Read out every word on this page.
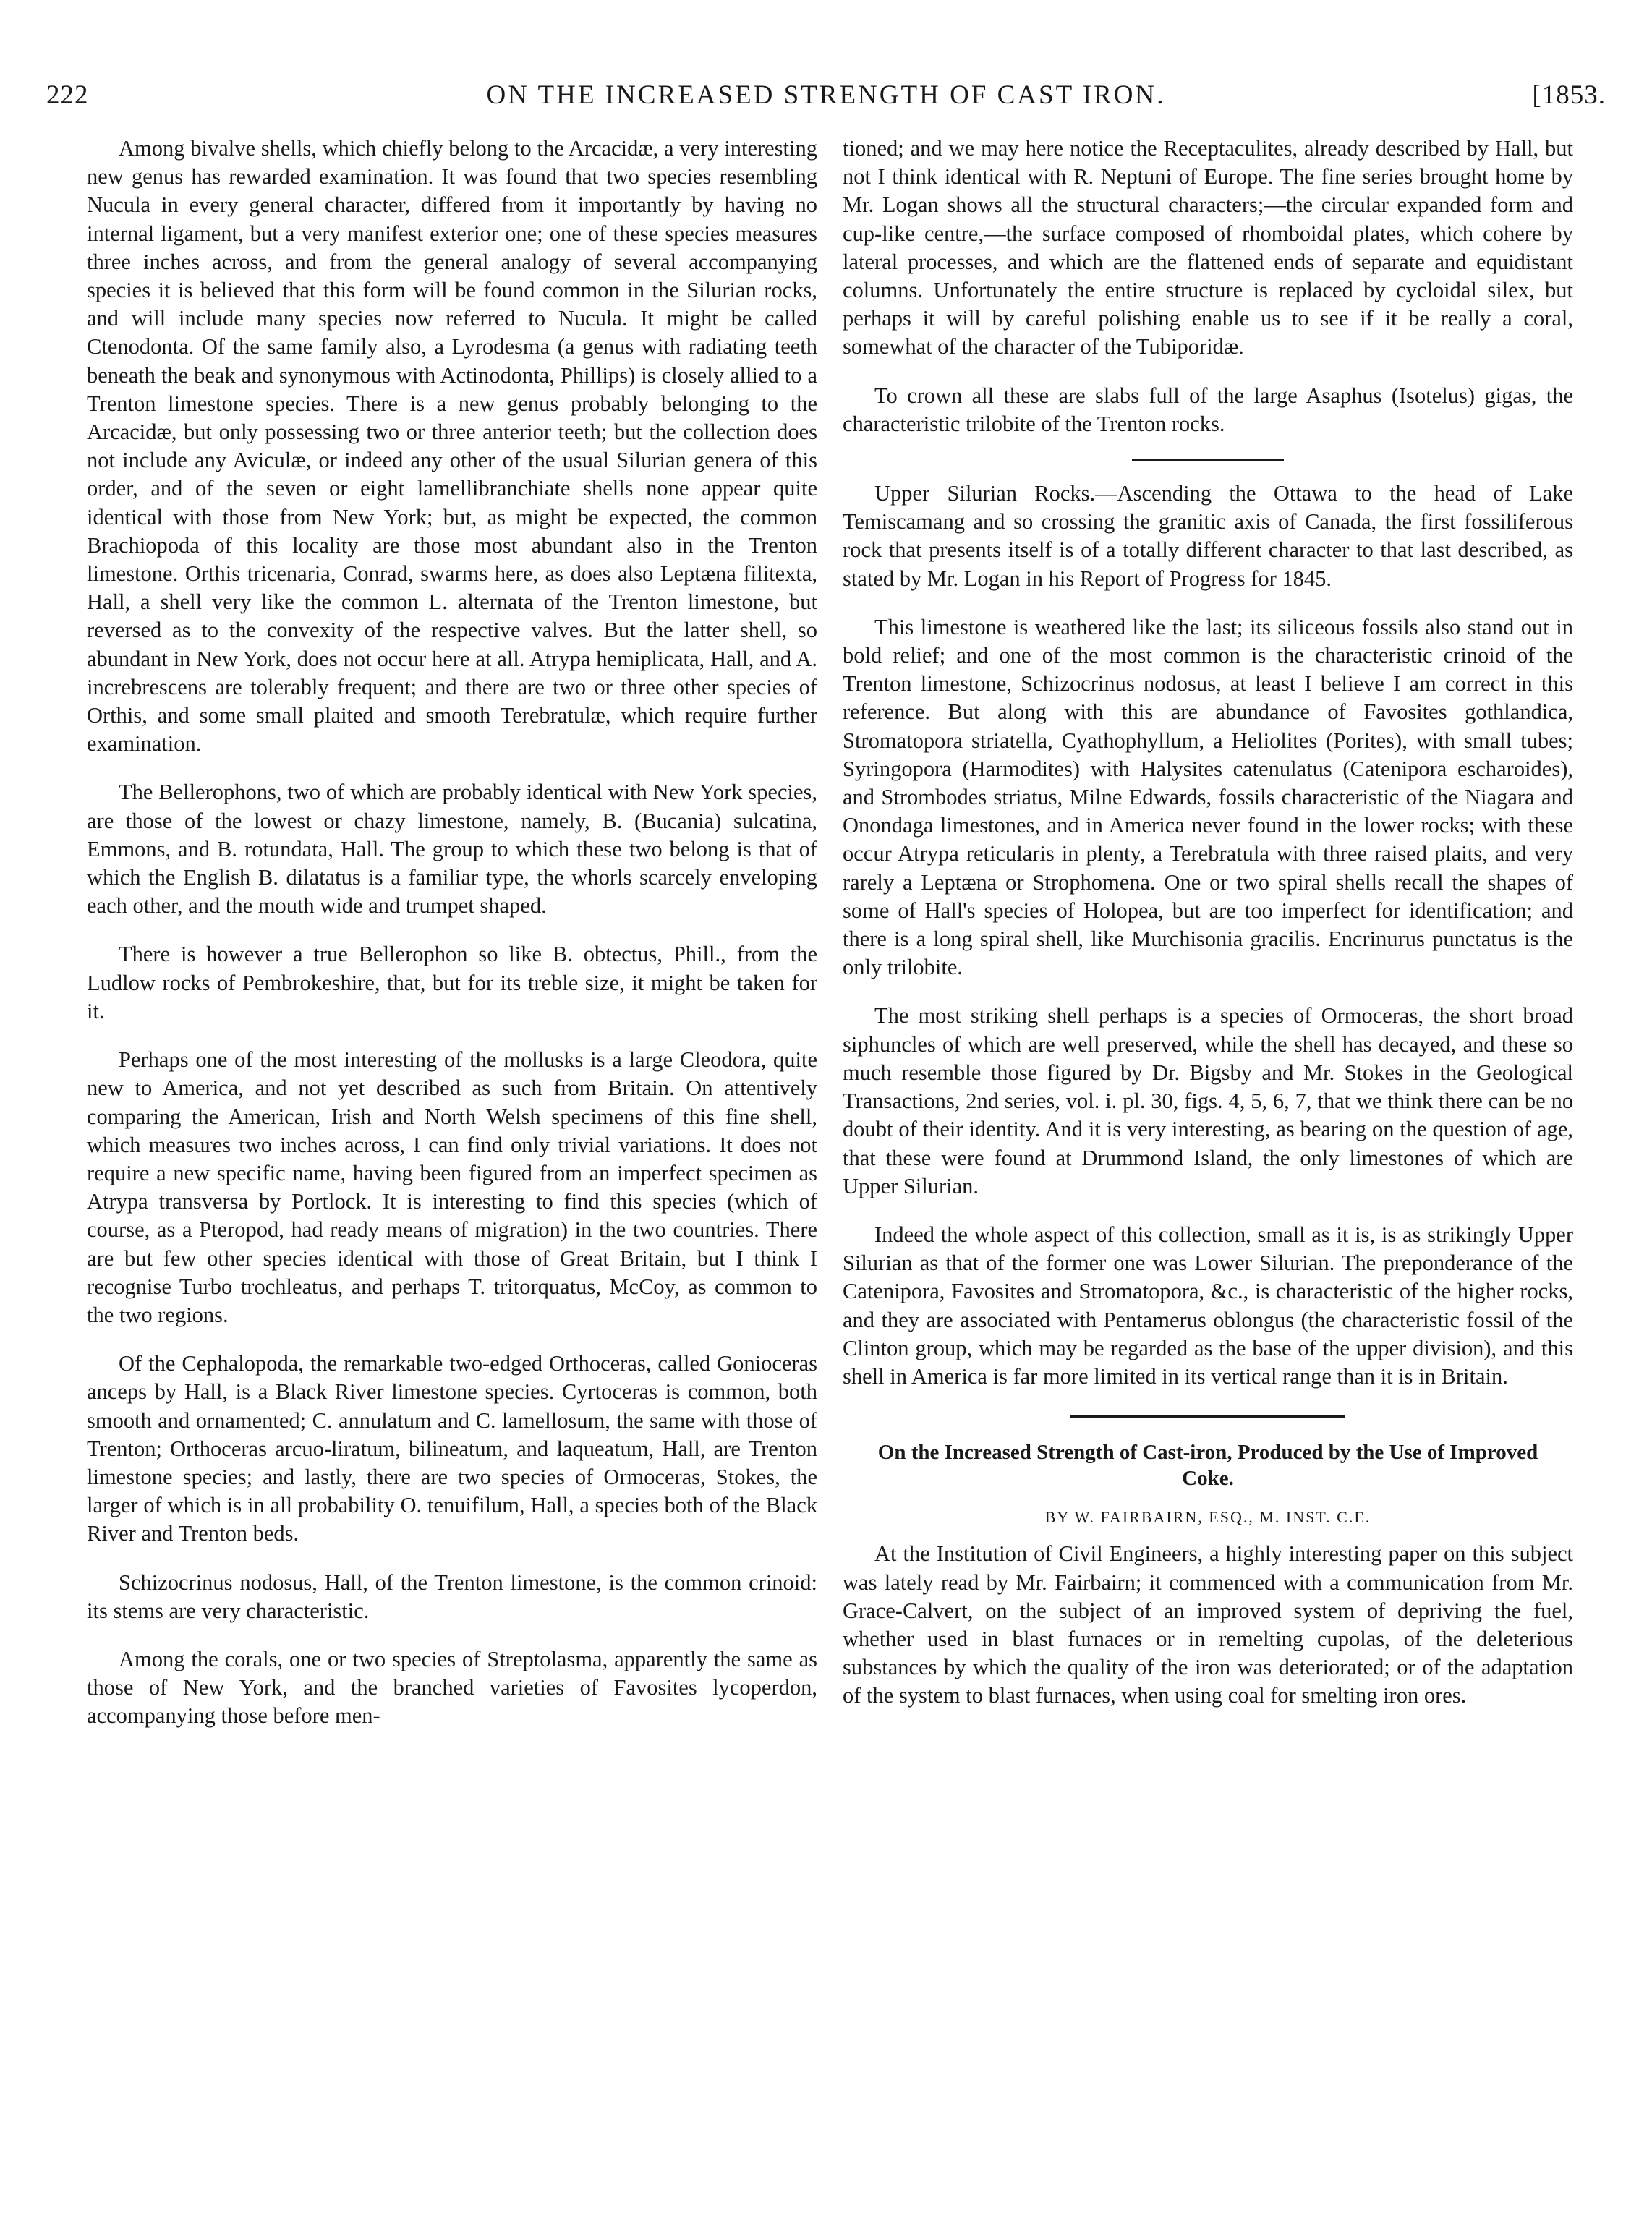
222	ON THE INCREASED STRENGTH OF CAST IRON.	[1853.

Among bivalve shells, which chiefly belong to the Arcacidæ, a very interesting new genus has rewarded examination. It was found that two species resembling Nucula in every general character, differed from it importantly by having no internal ligament, but a very manifest exterior one; one of these species measures three inches across, and from the general analogy of several accompanying species it is believed that this form will be found common in the Silurian rocks, and will include many species now referred to Nucula. It might be called Ctenodonta. Of the same family also, a Lyrodesma (a genus with radiating teeth beneath the beak and synonymous with Actinodonta, Phillips) is closely allied to a Trenton limestone species. There is a new genus probably belonging to the Arcacidæ, but only possessing two or three anterior teeth; but the collection does not include any Aviculæ, or indeed any other of the usual Silurian genera of this order, and of the seven or eight lamellibranchiate shells none appear quite identical with those from New York; but, as might be expected, the common Brachiopoda of this locality are those most abundant also in the Trenton limestone. Orthis tricenaria, Conrad, swarms here, as does also Leptæna filitexta, Hall, a shell very like the common L. alternata of the Trenton limestone, but reversed as to the convexity of the respective valves. But the latter shell, so abundant in New York, does not occur here at all. Atrypa hemiplicata, Hall, and A. increbrescens are tolerably frequent; and there are two or three other species of Orthis, and some small plaited and smooth Terebratulæ, which require further examination.

The Bellerophons, two of which are probably identical with New York species, are those of the lowest or chazy limestone, namely, B. (Bucania) sulcatina, Emmons, and B. rotundata, Hall. The group to which these two belong is that of which the English B. dilatatus is a familiar type, the whorls scarcely enveloping each other, and the mouth wide and trumpet shaped.

There is however a true Bellerophon so like B. obtectus, Phill., from the Ludlow rocks of Pembrokeshire, that, but for its treble size, it might be taken for it.

Perhaps one of the most interesting of the mollusks is a large Cleodora, quite new to America, and not yet described as such from Britain. On attentively comparing the American, Irish and North Welsh specimens of this fine shell, which measures two inches across, I can find only trivial variations. It does not require a new specific name, having been figured from an imperfect specimen as Atrypa transversa by Portlock. It is interesting to find this species (which of course, as a Pteropod, had ready means of migration) in the two countries. There are but few other species identical with those of Great Britain, but I think I recognise Turbo trochleatus, and perhaps T. tritorquatus, McCoy, as common to the two regions.

Of the Cephalopoda, the remarkable two-edged Orthoceras, called Gonioceras anceps by Hall, is a Black River limestone species. Cyrtoceras is common, both smooth and ornamented; C. annulatum and C. lamellosum, the same with those of Trenton; Orthoceras arcuo-liratum, bilineatum, and laqueatum, Hall, are Trenton limestone species; and lastly, there are two species of Ormoceras, Stokes, the larger of which is in all probability O. tenuifilum, Hall, a species both of the Black River and Trenton beds.

Schizocrinus nodosus, Hall, of the Trenton limestone, is the common crinoid: its stems are very characteristic.

Among the corals, one or two species of Streptolasma, apparently the same as those of New York, and the branched varieties of Favosites lycoperdon, accompanying those before men-

tioned; and we may here notice the Receptaculites, already described by Hall, but not I think identical with R. Neptuni of Europe. The fine series brought home by Mr. Logan shows all the structural characters;—the circular expanded form and cup-like centre,—the surface composed of rhomboidal plates, which cohere by lateral processes, and which are the flattened ends of separate and equidistant columns. Unfortunately the entire structure is replaced by cycloidal silex, but perhaps it will by careful polishing enable us to see if it be really a coral, somewhat of the character of the Tubiporidæ.

To crown all these are slabs full of the large Asaphus (Isotelus) gigas, the characteristic trilobite of the Trenton rocks.

Upper Silurian Rocks.—Ascending the Ottawa to the head of Lake Temiscamang and so crossing the granitic axis of Canada, the first fossiliferous rock that presents itself is of a totally different character to that last described, as stated by Mr. Logan in his Report of Progress for 1845.

This limestone is weathered like the last; its siliceous fossils also stand out in bold relief; and one of the most common is the characteristic crinoid of the Trenton limestone, Schizocrinus nodosus, at least I believe I am correct in this reference. But along with this are abundance of Favosites gothlandica, Stromatopora striatella, Cyathophyllum, a Heliolites (Porites), with small tubes; Syringopora (Harmodites) with Halysites catenulatus (Catenipora escharoides), and Strombodes striatus, Milne Edwards, fossils characteristic of the Niagara and Onondaga limestones, and in America never found in the lower rocks; with these occur Atrypa reticularis in plenty, a Terebratula with three raised plaits, and very rarely a Leptæna or Strophomena. One or two spiral shells recall the shapes of some of Hall's species of Holopea, but are too imperfect for identification; and there is a long spiral shell, like Murchisonia gracilis. Encrinurus punctatus is the only trilobite.

The most striking shell perhaps is a species of Ormoceras, the short broad siphuncles of which are well preserved, while the shell has decayed, and these so much resemble those figured by Dr. Bigsby and Mr. Stokes in the Geological Transactions, 2nd series, vol. i. pl. 30, figs. 4, 5, 6, 7, that we think there can be no doubt of their identity. And it is very interesting, as bearing on the question of age, that these were found at Drummond Island, the only limestones of which are Upper Silurian.

Indeed the whole aspect of this collection, small as it is, is as strikingly Upper Silurian as that of the former one was Lower Silurian. The preponderance of the Catenipora, Favosites and Stromatopora, &c., is characteristic of the higher rocks, and they are associated with Pentamerus oblongus (the characteristic fossil of the Clinton group, which may be regarded as the base of the upper division), and this shell in America is far more limited in its vertical range than it is in Britain.

On the Increased Strength of Cast-iron, Produced by the Use of Improved Coke.
BY W. FAIRBAIRN, ESQ., M. INST. C.E.

At the Institution of Civil Engineers, a highly interesting paper on this subject was lately read by Mr. Fairbairn; it commenced with a communication from Mr. Grace-Calvert, on the subject of an improved system of depriving the fuel, whether used in blast furnaces or in remelting cupolas, of the deleterious substances by which the quality of the iron was deteriorated; or of the adaptation of the system to blast furnaces, when using coal for smelting iron ores.
